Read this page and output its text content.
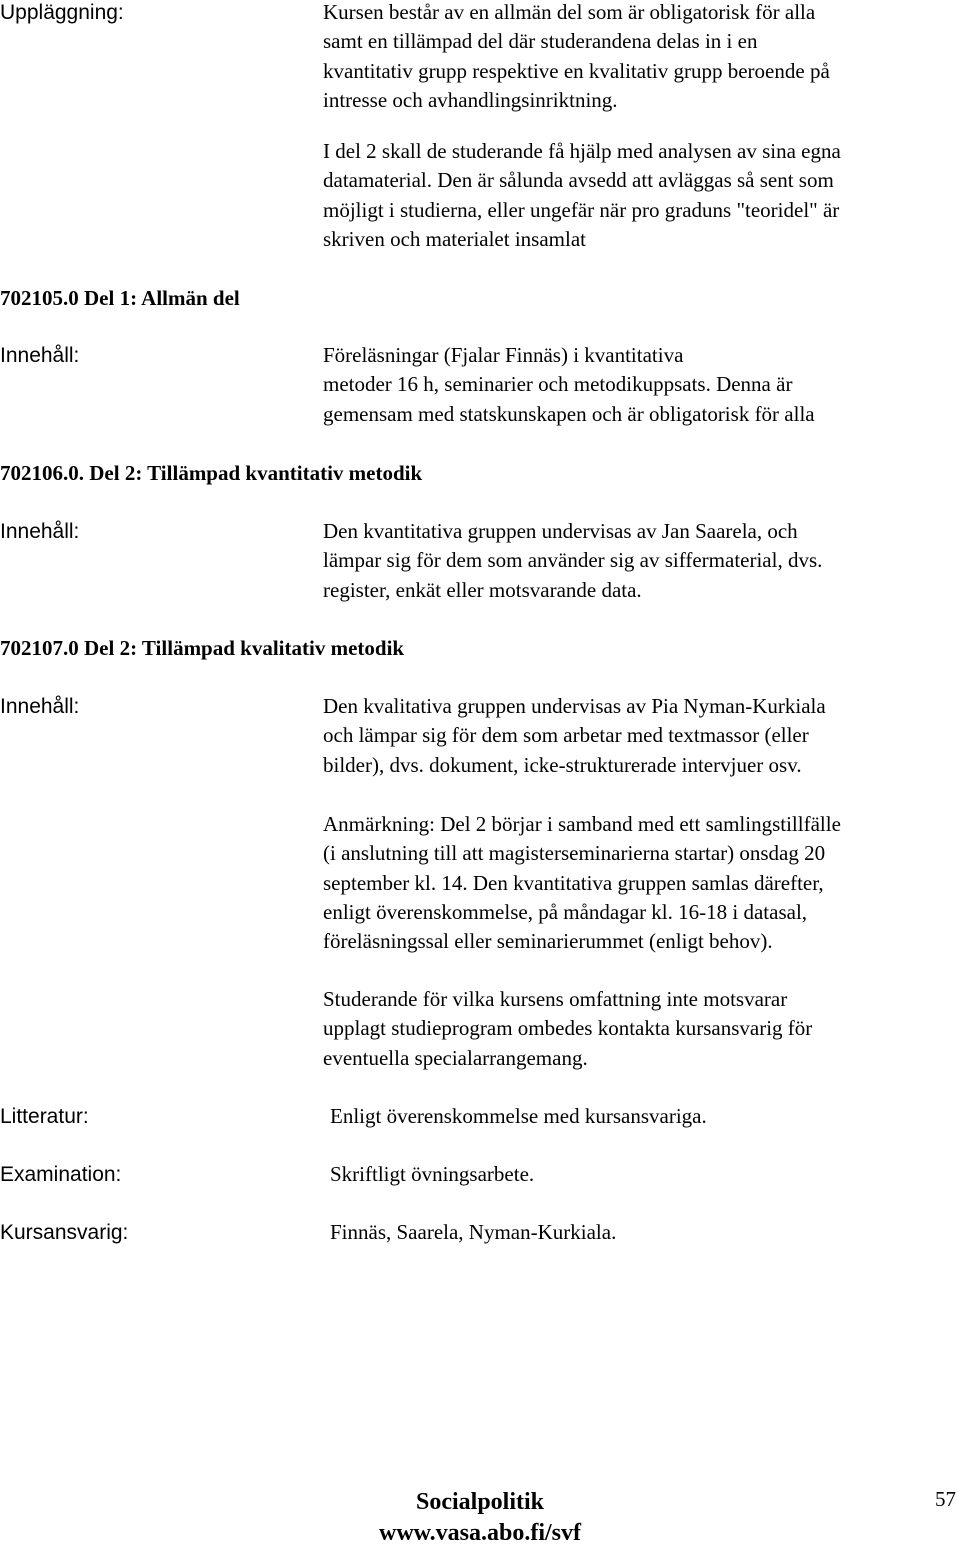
Uppläggning:	Kursen består av en allmän del som är obligatorisk för alla
samt en tillämpad del där studerandena delas in i en
kvantitativ grupp respektive en kvalitativ grupp beroende på
intresse och avhandlingsinriktning.
I del 2 skall de studerande få hjälp med analysen av sina egna
datamaterial. Den är sålunda avsedd att avläggas så sent som
möjligt i studierna, eller ungefär när pro graduns "teoridel" är
skriven och materialet insamlat
702105.0 Del 1: Allmän del
Innehåll:	Föreläsningar (Fjalar Finnäs) i kvantitativa
metoder 16 h, seminarier och metodikuppsats. Denna är
gemensam med statskunskapen och är obligatorisk för alla
702106.0. Del 2: Tillämpad kvantitativ metodik
Innehåll:	Den kvantitativa gruppen undervisas av Jan Saarela, och
lämpar sig för dem som använder sig av siffermaterial, dvs.
register, enkät eller motsvarande data.
702107.0 Del 2: Tillämpad kvalitativ metodik
Innehåll:	Den kvalitativa gruppen undervisas av Pia Nyman-Kurkiala
och lämpar sig för dem som arbetar med textmassor (eller
bilder), dvs. dokument, icke-strukturerade intervjuer osv.
Anmärkning: Del 2 börjar i samband med ett samlingstillfälle
(i anslutning till att magisterseminarierna startar) onsdag 20
september kl. 14. Den kvantitativa gruppen samlas därefter,
enligt överenskommelse, på måndagar kl. 16-18 i datasal,
föreläsningssal eller seminarierummet (enligt behov).
Studerande för vilka kursens omfattning inte motsvarar
upplagt studieprogram ombedes kontakta kursansvarig för
eventuella specialarrangemang.
Litteratur:	Enligt överenskommelse med kursansvariga.
Examination:	Skriftligt övningsarbete.
Kursansvarig:	Finnäs, Saarela, Nyman-Kurkiala.
Socialpolitik
www.vasa.abo.fi/svf
57
